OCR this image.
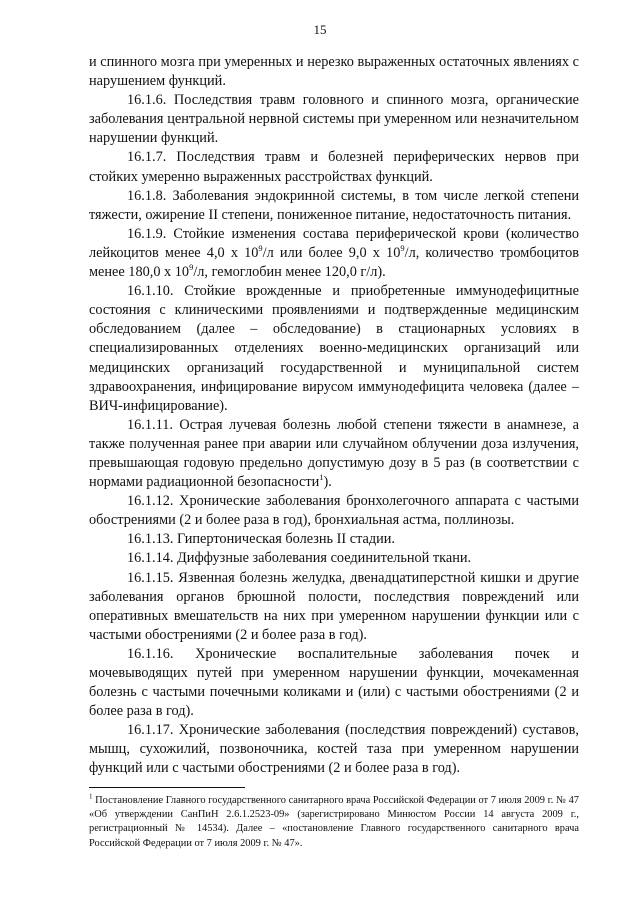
15

и спинного мозга при умеренных и нерезко выраженных остаточных явлениях с нарушением функций.

16.1.6. Последствия травм головного и спинного мозга, органические заболевания центральной нервной системы при умеренном или незначительном нарушении функций.

16.1.7. Последствия травм и болезней периферических нервов при стойких умеренно выраженных расстройствах функций.

16.1.8. Заболевания эндокринной системы, в том числе легкой степени тяжести, ожирение II степени, пониженное питание, недостаточность питания.

16.1.9. Стойкие изменения состава периферической крови (количество лейкоцитов менее 4,0 х $10^9/л$ или более 9,0 х $10^9/л$, количество тромбоцитов менее 180,0 х $10^9/л$, гемоглобин менее 120,0 г/л).

16.1.10. Стойкие врожденные и приобретенные иммунодефицитные состояния с клиническими проявлениями и подтвержденные медицинским обследованием (далее – обследование) в стационарных условиях в специализированных отделениях военно-медицинских организаций или медицинских организаций государственной и муниципальной систем здравоохранения, инфицирование вирусом иммунодефицита человека (далее – ВИЧ-инфицирование).

16.1.11. Острая лучевая болезнь любой степени тяжести в анамнезе, а также полученная ранее при аварии или случайном облучении доза излучения, превышающая годовую предельно допустимую дозу в 5 раз (в соответствии с нормами радиационной безопасности$^1$).

16.1.12. Хронические заболевания бронхолегочного аппарата с частыми обострениями (2 и более раза в год), бронхиальная астма, поллинозы.

16.1.13. Гипертоническая болезнь II стадии.

16.1.14. Диффузные заболевания соединительной ткани.

16.1.15. Язвенная болезнь желудка, двенадцатиперстной кишки и другие заболевания органов брюшной полости, последствия повреждений или оперативных вмешательств на них при умеренном нарушении функции или с частыми обострениями (2 и более раза в год).

16.1.16. Хронические воспалительные заболевания почек и мочевыводящих путей при умеренном нарушении функции, мочекаменная болезнь с частыми почечными коликами и (или) с частыми обострениями (2 и более раза в год).

16.1.17. Хронические заболевания (последствия повреждений) суставов, мышц, сухожилий, позвоночника, костей таза при умеренном нарушении функций или с частыми обострениями (2 и более раза в год).

$^1$ Постановление Главного государственного санитарного врача Российской Федерации от 7 июля 2009 г. № 47 «Об утверждении СанПиН 2.6.1.2523-09» (зарегистрировано Минюстом России 14 августа 2009 г., регистрационный № 14534). Далее – «постановление Главного государственного санитарного врача Российской Федерации от 7 июля 2009 г. № 47».
